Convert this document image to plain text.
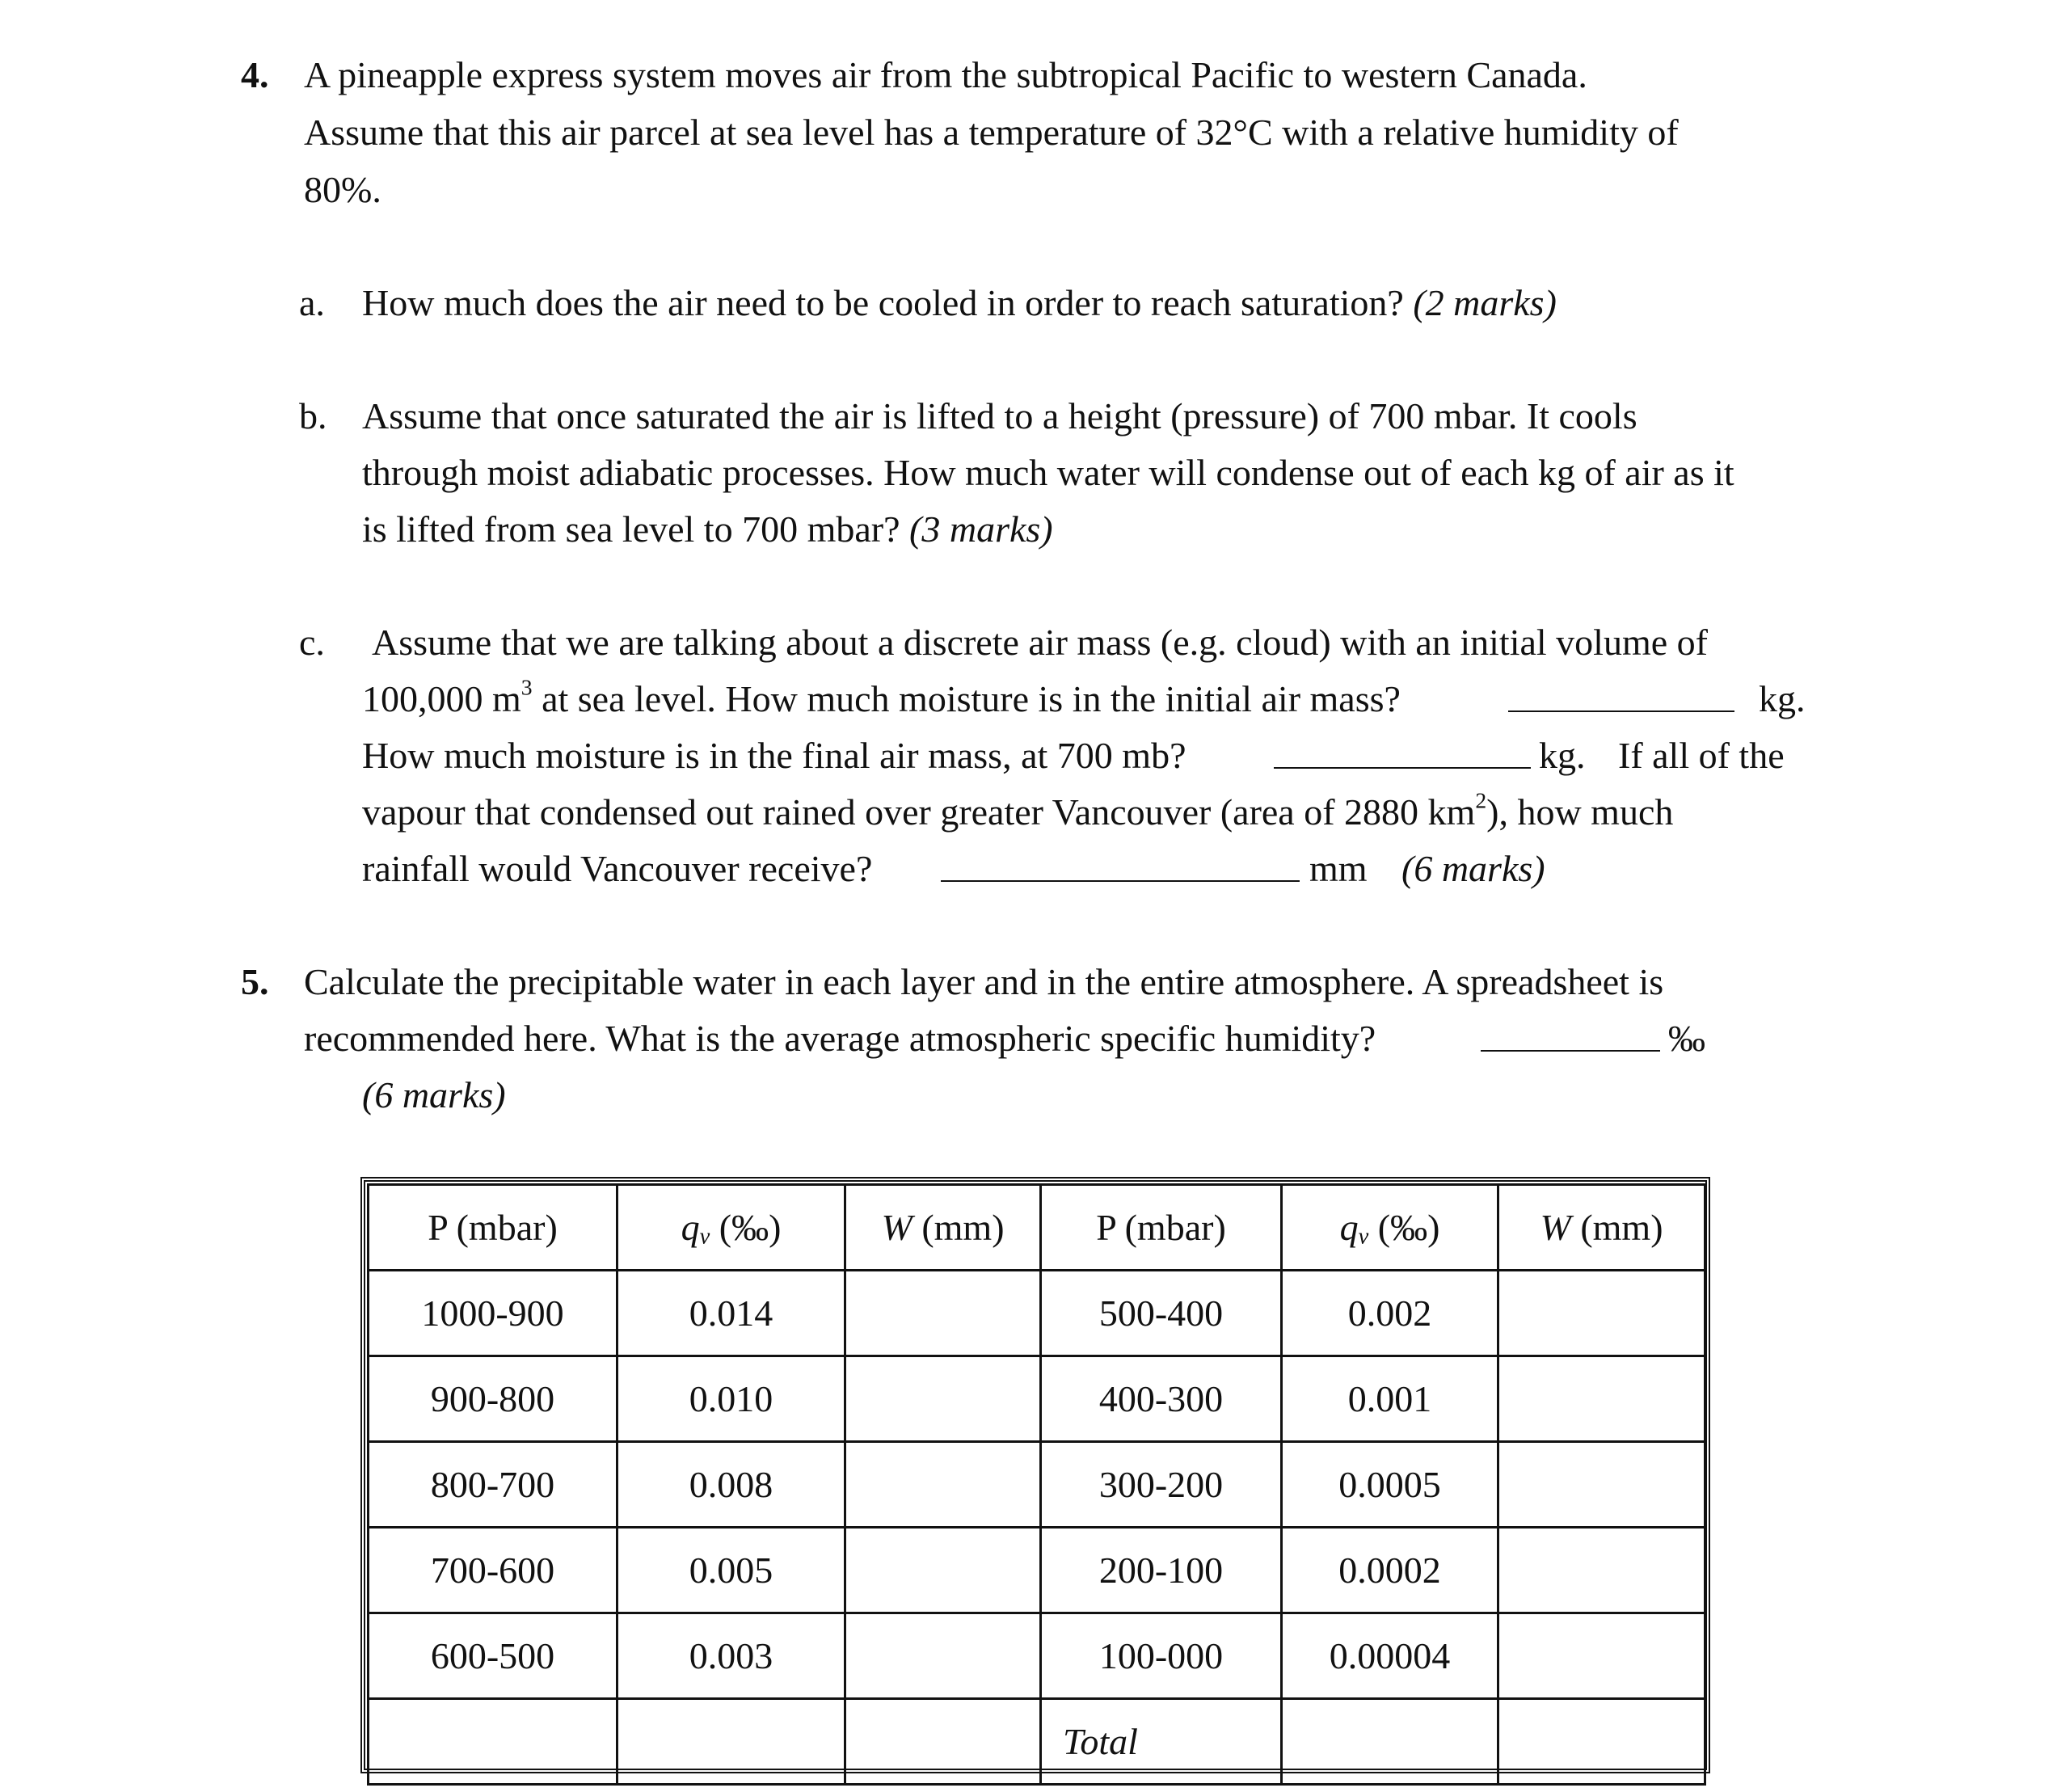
4. A pineapple express system moves air from the subtropical Pacific to western Canada.
Assume that this air parcel at sea level has a temperature of 32°C with a relative humidity of
80%.
a. How much does the air need to be cooled in order to reach saturation? (2 marks)
b. Assume that once saturated the air is lifted to a height (pressure) of 700 mbar. It cools
through moist adiabatic processes. How much water will condense out of each kg of air as it
is lifted from sea level to 700 mbar? (3 marks)
c. Assume that we are talking about a discrete air mass (e.g. cloud) with an initial volume of
100,000 $m^3$ at sea level. How much moisture is in the initial air mass?	kg.
How much moisture is in the final air mass, at 700 mb?	kg. If all of the
vapour that condensed out rained over greater Vancouver (area of 2880 $km^2$), how much
rainfall would Vancouver receive?	mm (6 marks)
5. Calculate the precipitable water in each layer and in the entire atmosphere. A spreadsheet is
recommended here. What is the average atmospheric specific humidity?	‰
(6 marks)
P (mbar)	$q_v$ (‰)	W (mm)	P (mbar)	$q_v$ (‰)	W (mm)
1000-900	0.014		500-400	0.002	
900-800	0.010		400-300	0.001	
800-700	0.008		300-200	0.0005	
700-600	0.005		200-100	0.0002	
600-500	0.003		100-000	0.00004	
			Total		
